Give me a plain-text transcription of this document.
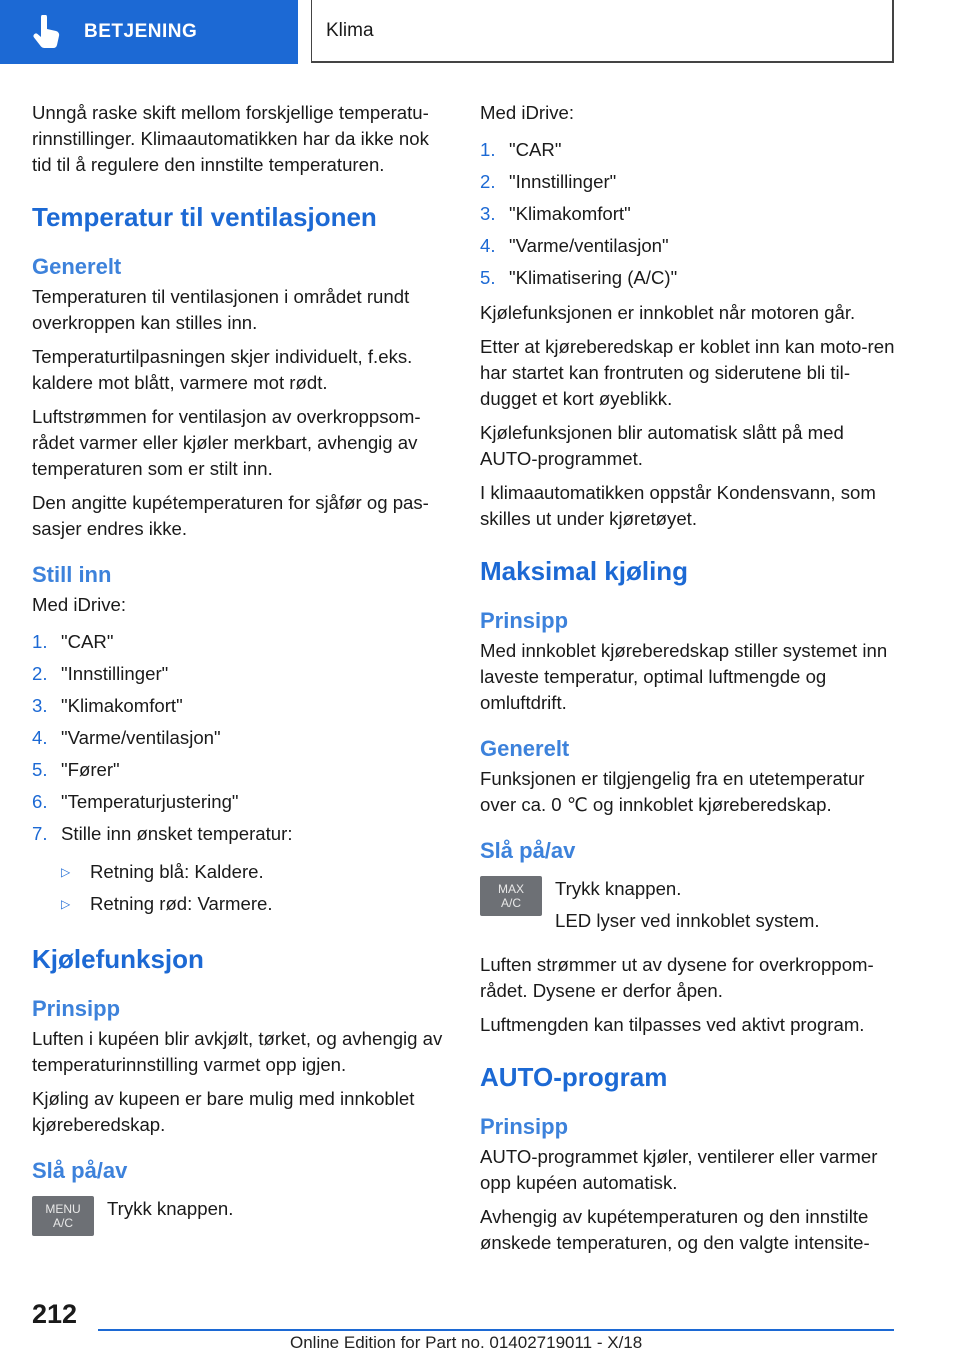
BETJENING	Klima

Unngå raske skift mellom forskjellige temperatu-rinnstillinger. Klimaautomatikken har da ikke nok tid til å regulere den innstilte temperaturen.

Temperatur til ventilasjonen
Generelt

Temperaturen til ventilasjonen i området rundt overkroppen kan stilles inn.

Temperaturtilpasningen skjer individuelt, f.eks. kaldere mot blått, varmere mot rødt.

Luftstrømmen for ventilasjon av overkroppsom-rådet varmer eller kjøler merkbart, avhengig av temperaturen som er stilt inn.

Den angitte kupétemperaturen for sjåfør og pas-sasjer endres ikke.

Still inn

Med iDrive:

1. "CAR"
2. "Innstillinger"
3. "Klimakomfort"
4. "Varme/ventilasjon"
5. "Fører"
6. "Temperaturjustering"
7. Stille inn ønsket temperatur:
▷	Retning blå: Kaldere.
▷	Retning rød: Varmere.
Kjølefunksjon
Prinsipp

Luften i kupéen blir avkjølt, tørket, og avhengig av temperaturinnstilling varmet opp igjen.

Kjøling av kupeen er bare mulig med innkoblet kjøreberedskap.

Slå på/av
MENU
A/C

Trykk knappen.

Med iDrive:

1. "CAR"
2. "Innstillinger"
3. "Klimakomfort"
4. "Varme/ventilasjon"
5. "Klimatisering (A/C)"

Kjølefunksjonen er innkoblet når motoren går.

Etter at kjøreberedskap er koblet inn kan moto-ren har startet kan frontruten og siderutene bli til-dugget et kort øyeblikk.

Kjølefunksjonen blir automatisk slått på med AUTO-programmet.

I klimaautomatikken oppstår Kondensvann, som skilles ut under kjøretøyet.

Maksimal kjøling
Prinsipp

Med innkoblet kjøreberedskap stiller systemet inn laveste temperatur, optimal luftmengde og omluftdrift.

Generelt

Funksjonen er tilgjengelig fra en utetemperatur over ca. 0 ℃ og innkoblet kjøreberedskap.

Slå på/av
MAX
A/C

Trykk knappen.

LED lyser ved innkoblet system.

Luften strømmer ut av dysene for overkroppom-rådet. Dysene er derfor åpen.

Luftmengden kan tilpasses ved aktivt program.

AUTO-program
Prinsipp

AUTO-programmet kjøler, ventilerer eller varmer opp kupéen automatisk.

Avhengig av kupétemperaturen og den innstilte ønskede temperaturen, og den valgte intensite-

212
Online Edition for Part no. 01402719011 - X/18
